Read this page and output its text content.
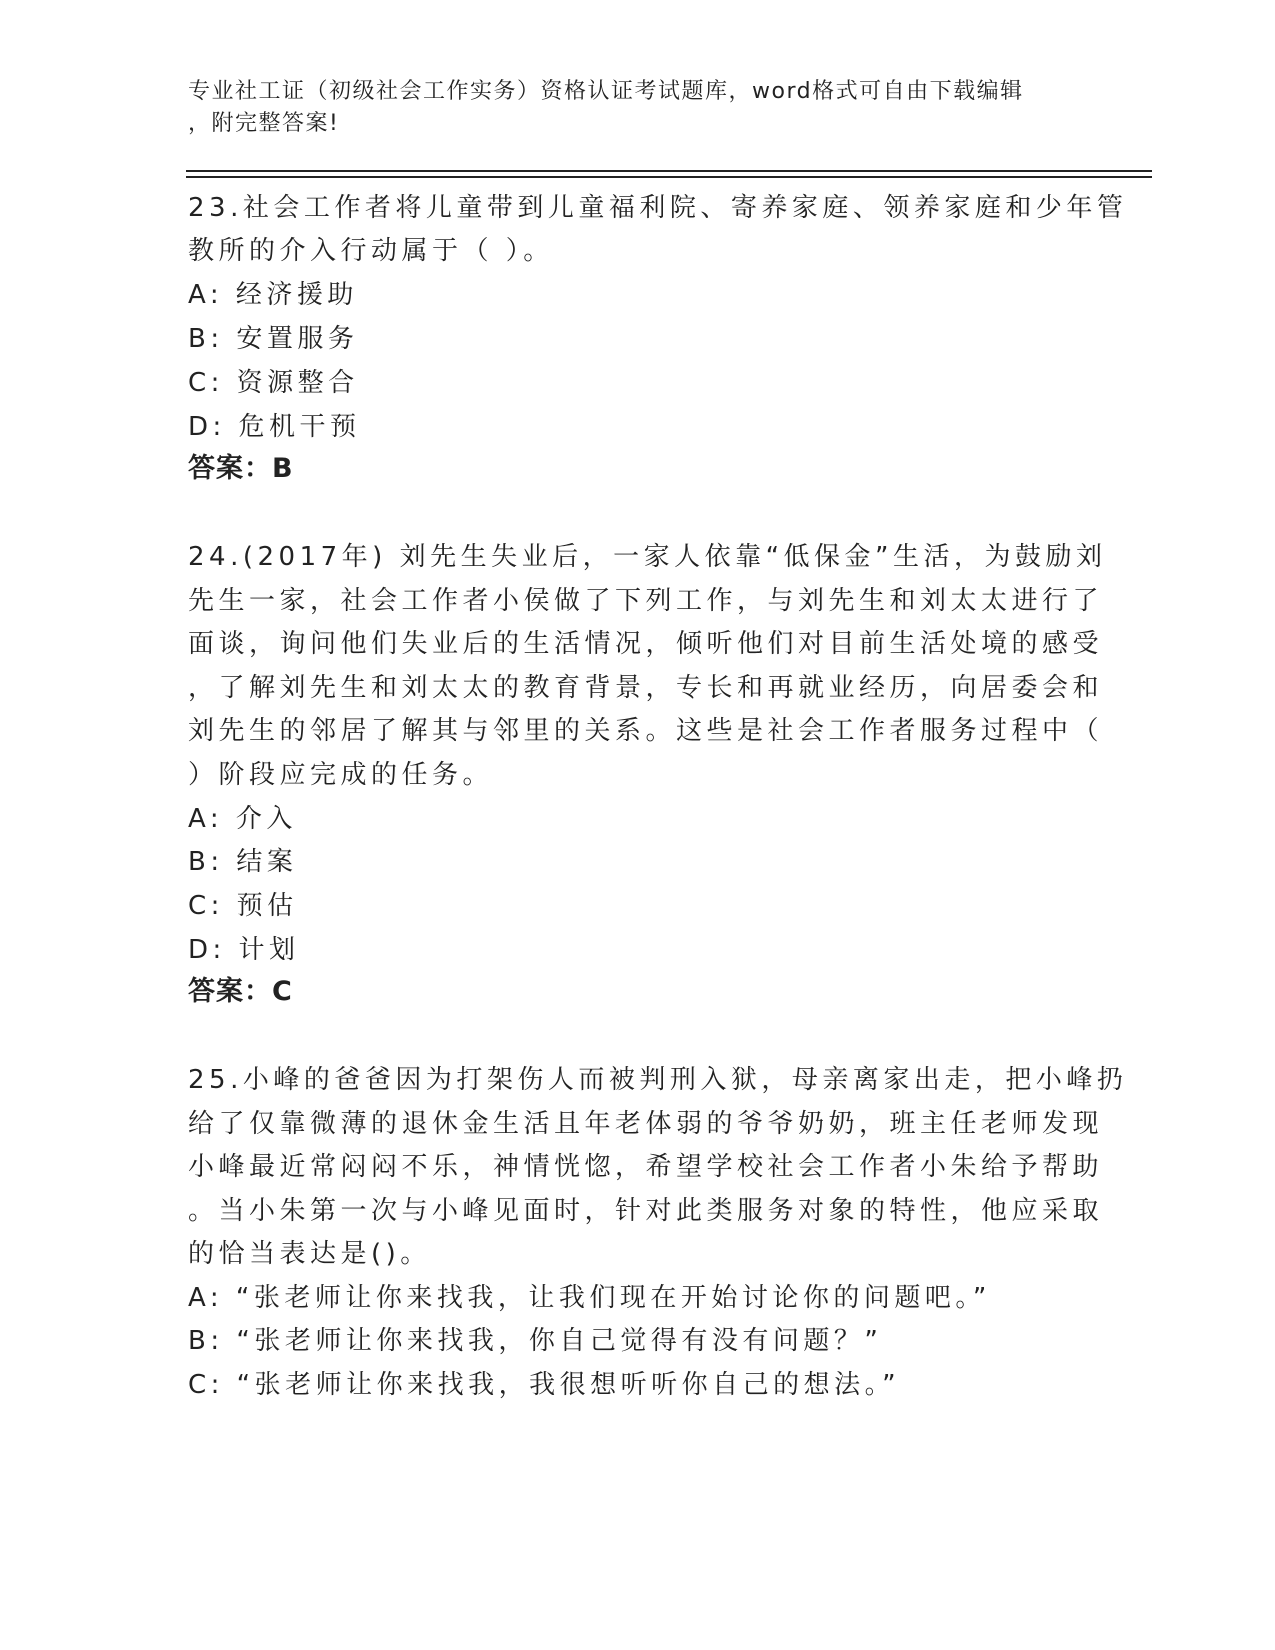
专业社工证（初级社会工作实务）资格认证考试题库，word格式可自由下载编辑
，附完整答案!
23.社会工作者将儿童带到儿童福利院、寄养家庭、领养家庭和少年管
教所的介入行动属于（ ）。
A: 经济援助
B: 安置服务
C: 资源整合
D: 危机干预
答案：B
24.(2017年) 刘先生失业后，一家人依靠“低保金”生活，为鼓励刘
先生一家，社会工作者小侯做了下列工作，与刘先生和刘太太进行了
面谈，询问他们失业后的生活情况，倾听他们对目前生活处境的感受
，了解刘先生和刘太太的教育背景，专长和再就业经历，向居委会和
刘先生的邻居了解其与邻里的关系。这些是社会工作者服务过程中（
）阶段应完成的任务。
A: 介入
B: 结案
C: 预估
D: 计划
答案：C
25.小峰的爸爸因为打架伤人而被判刑入狱，母亲离家出走，把小峰扔
给了仅靠微薄的退休金生活且年老体弱的爷爷奶奶，班主任老师发现
小峰最近常闷闷不乐，神情恍惚，希望学校社会工作者小朱给予帮助
。当小朱第一次与小峰见面时，针对此类服务对象的特性，他应采取
的恰当表达是()。
A: “张老师让你来找我，让我们现在开始讨论你的问题吧。”
B: “张老师让你来找我，你自己觉得有没有问题？”
C: “张老师让你来找我，我很想听听你自己的想法。”
